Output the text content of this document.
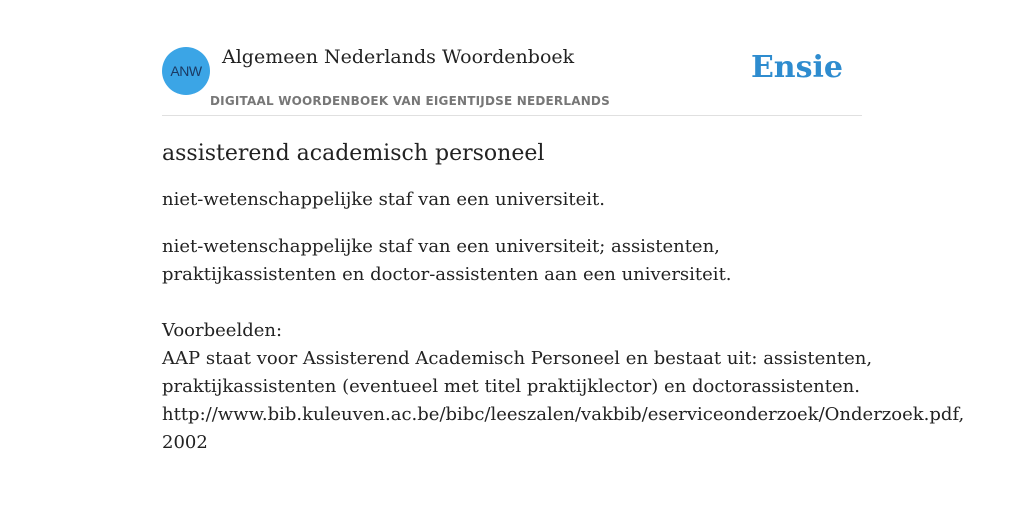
ANW
Algemeen Nederlands Woordenboek
DIGITAAL WOORDENBOEK VAN EIGENTIJDSE NEDERLANDS
Ensie
assisterend academisch personeel

niet-wetenschappelijke staf van een universiteit.

niet-wetenschappelijke staf van een universiteit; assistenten, praktijkassistenten en doctor-assistenten aan een universiteit.

Voorbeelden:
AAP staat voor Assisterend Academisch Personeel en bestaat uit: assistenten,
praktijkassistenten (eventueel met titel praktijklector) en doctorassistenten.
http://www.bib.kuleuven.ac.be/bibc/leeszalen/vakbib/eserviceonderzoek/Onderzoek.pdf,
2002
